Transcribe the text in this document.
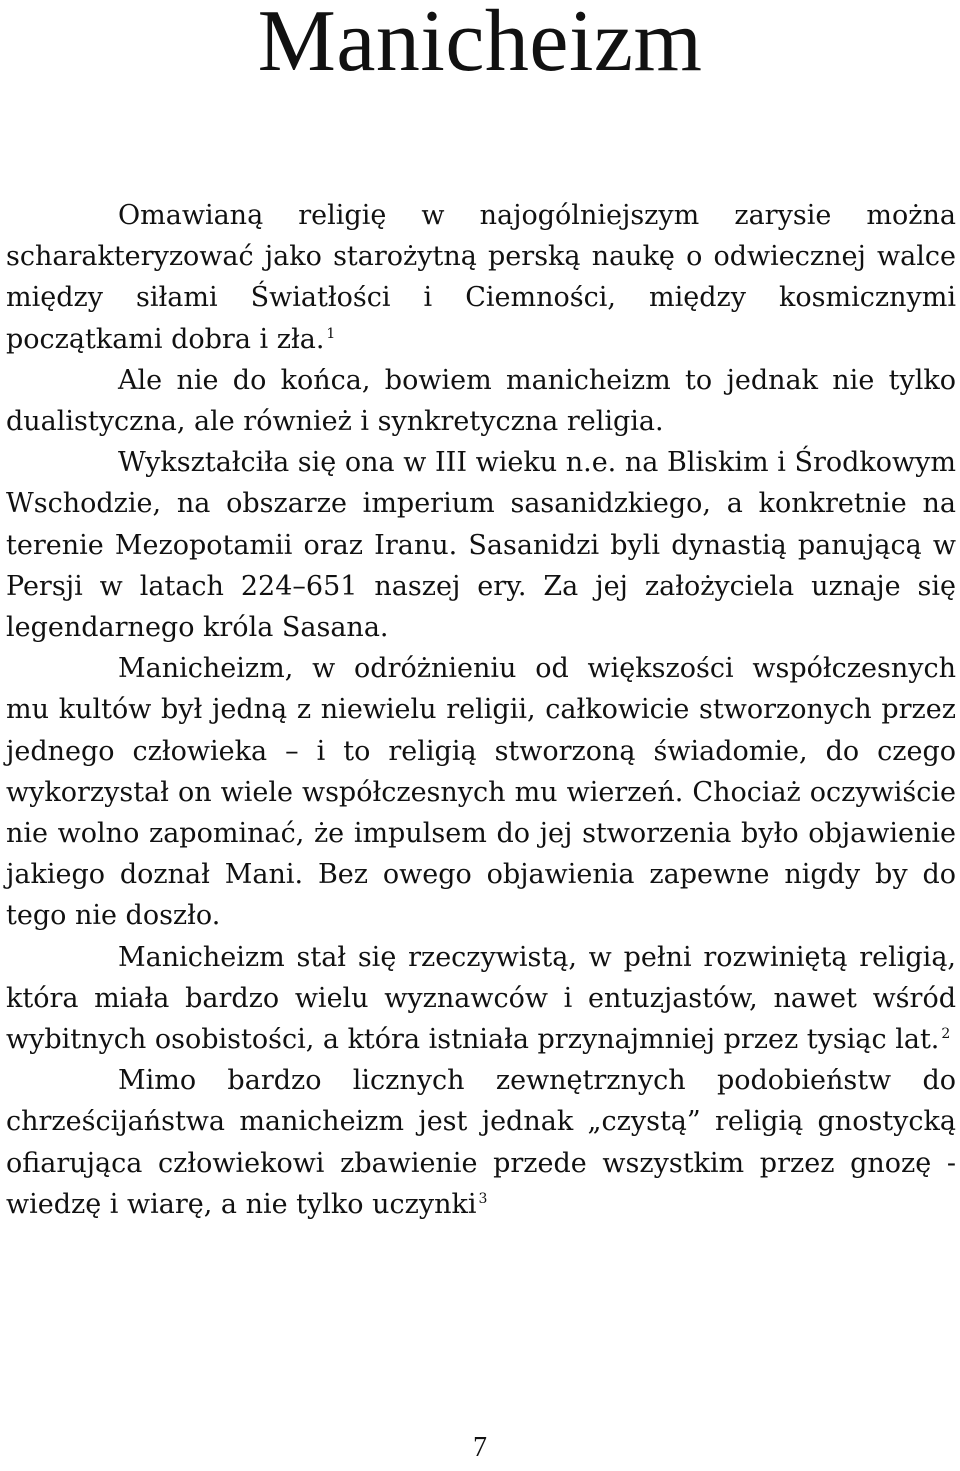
Manicheizm

Omawianą religię w najogólniejszym zarysie można scharakteryzować jako starożytną perską naukę o odwiecznej walce między siłami Światłości i Ciemności, między kosmicznymi początkami dobra i zła. $^1$

Ale nie do końca, bowiem manicheizm to jednak nie tylko dualistyczna, ale również i synkretyczna religia.

Wykształciła się ona w III wieku n.e. na Bliskim i Środkowym Wschodzie, na obszarze imperium sasanidzkiego, a konkretnie na terenie Mezopotamii oraz Iranu. Sasanidzi byli dynastią panującą w Persji w latach 224–651 naszej ery. Za jej założyciela uznaje się legendarnego króla Sasana.

Manicheizm, w odróżnieniu od większości współczesnych mu kultów był jedną z niewielu religii, całkowicie stworzonych przez jednego człowieka – i to religią stworzoną świadomie, do czego wykorzystał on wiele współczesnych mu wierzeń. Chociaż oczywiście nie wolno zapominać, że impulsem do jej stworzenia było objawienie jakiego doznał Mani. Bez owego objawienia zapewne nigdy by do tego nie doszło.

Manicheizm stał się rzeczywistą, w pełni rozwiniętą religią, która miała bardzo wielu wyznawców i entuzjastów, nawet wśród wybitnych osobistości, a która istniała przynajmniej przez tysiąc lat. $^2$

Mimo bardzo licznych zewnętrznych podobieństw do chrześcijaństwa manicheizm jest jednak „czystą” religią gnostycką ofiarująca człowiekowi zbawienie przede wszystkim przez gnozę - wiedzę i wiarę, a nie tylko uczynki $^3$

7
